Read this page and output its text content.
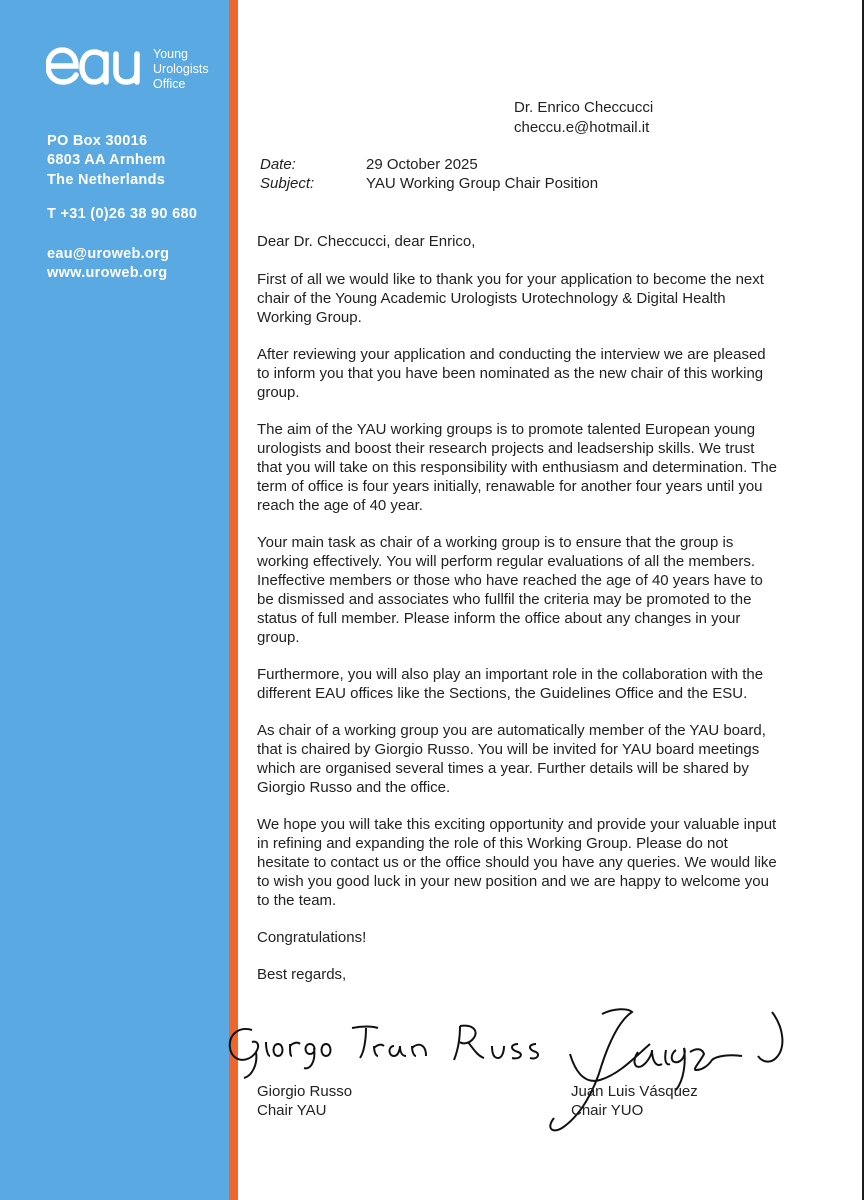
Young
Urologists
Office
PO Box 30016
6803 AA Arnhem
The Netherlands
T +31 (0)26 38 90 680
eau@uroweb.org
www.uroweb.org
Dr. Enrico Checcucci
checcu.e@hotmail.it
Date:	29 October 2025
Subject:	YAU Working Group Chair Position

Dear Dr. Checcucci, dear Enrico,

First of all we would like to thank you for your application to become the next chair of the Young Academic Urologists Urotechnology & Digital Health Working Group.

After reviewing your application and conducting the interview we are pleased to inform you that you have been nominated as the new chair of this working group.

The aim of the YAU working groups is to promote talented European young urologists and boost their research projects and leadsership skills. We trust that you will take on this responsibility with enthusiasm and determination. The term of office is four years initially, renawable for another four years until you reach the age of 40 year.

Your main task as chair of a working group is to ensure that the group is working effectively. You will perform regular evaluations of all the members. Ineffective members or those who have reached the age of 40 years have to be dismissed and associates who fullfil the criteria may be promoted to the status of full member. Please inform the office about any changes in your group.

Furthermore, you will also play an important role in the collaboration with the different EAU offices like the Sections, the Guidelines Office and the ESU.

As chair of a working group you are automatically member of the YAU board, that is chaired by Giorgio Russo. You will be invited for YAU board meetings which are organised several times a year. Further details will be shared by Giorgio Russo and the office.

We hope you will take this exciting opportunity and provide your valuable input in refining and expanding the role of this Working Group. Please do not hesitate to contact us or the office should you have any queries. We would like to wish you good luck in your new position and we are happy to welcome you to the team.

Congratulations!

Best regards,

Giorgio Russo
Chair YAU
Juan Luis Vásquez
Chair YUO
